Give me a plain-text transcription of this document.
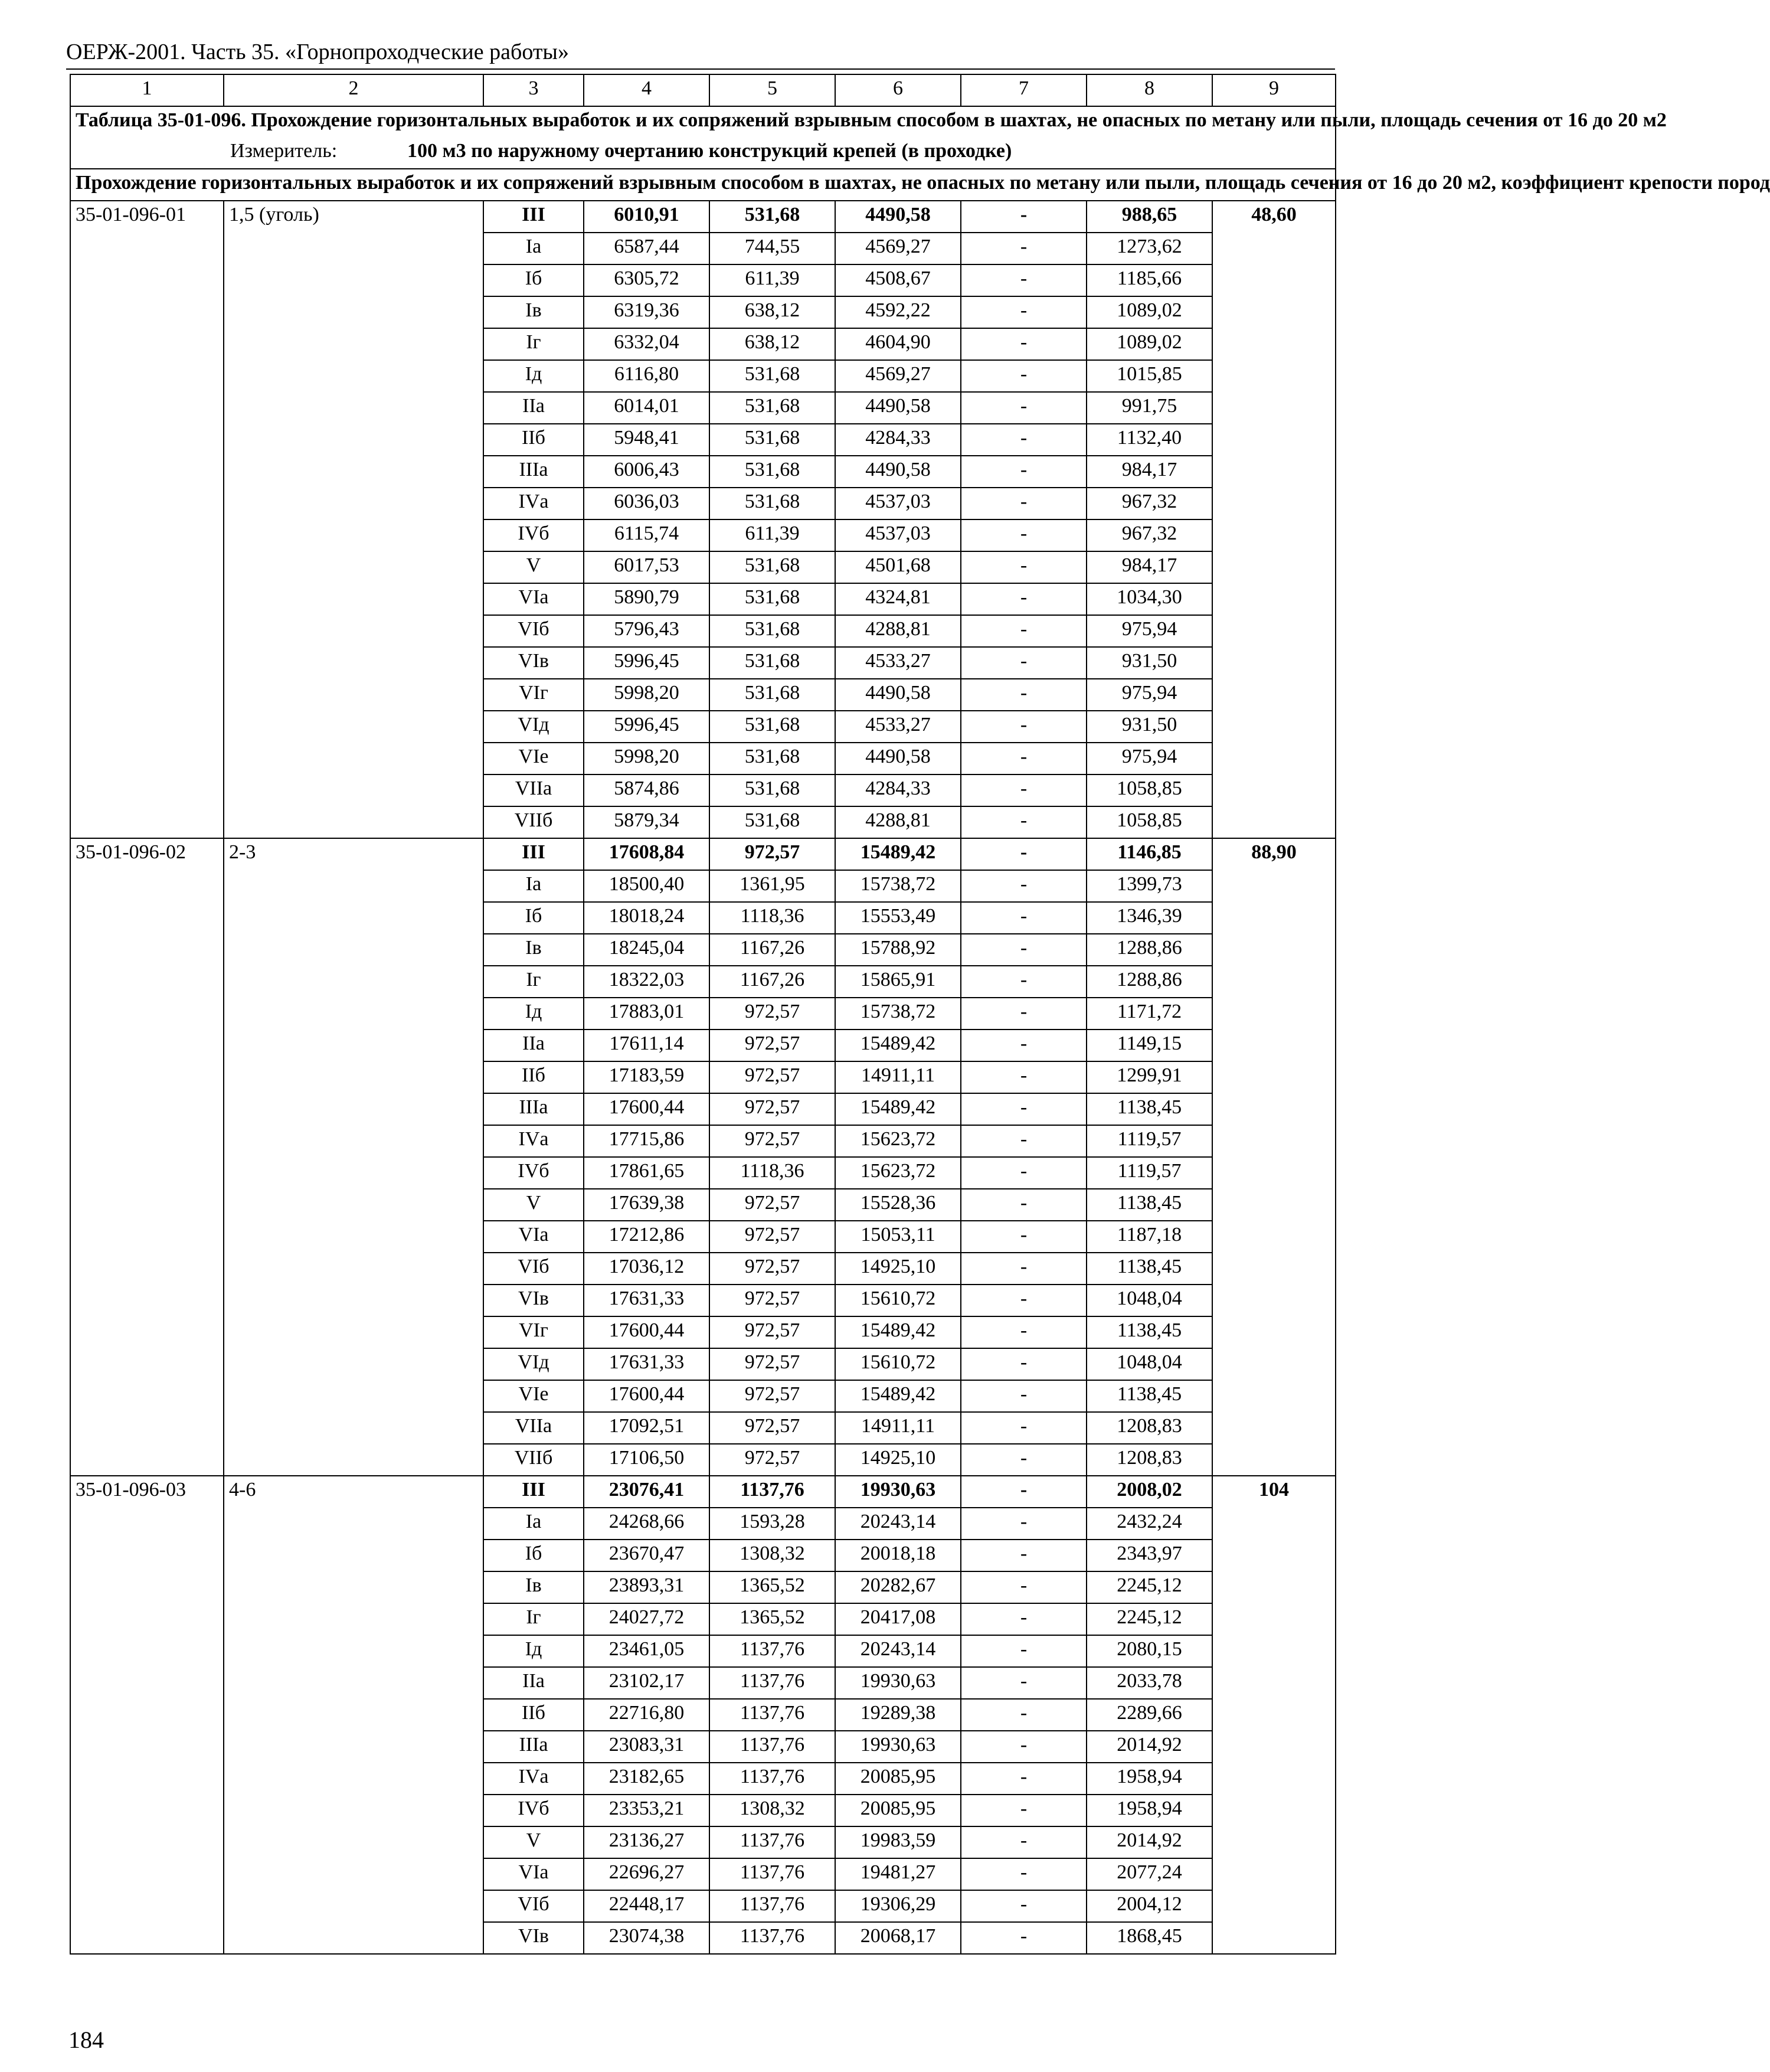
ОЕРЖ-2001. Часть 35. «Горнопроходческие работы»
1	2	3	4	5	6	7	8	9
Таблица 35-01-096. Прохождение горизонтальных выработок и их сопряжений взрывным способом в шахтах, не опасных по метану или пыли, площадь сечения от 16 до 20 м2								
Измеритель: 100 м3 по наружному очертанию конструкций крепей (в проходке)								
Прохождение горизонтальных выработок и их сопряжений взрывным способом в шахтах, не опасных по метану или пыли, площадь сечения от 16 до 20 м2, коэффициент крепости пород								
35-01-096-01	1,5 (уголь)	III	6010,91	531,68	4490,58	-	988,65	48,60
		Iа	6587,44	744,55	4569,27	-	1273,62	
		Iб	6305,72	611,39	4508,67	-	1185,66	
		Iв	6319,36	638,12	4592,22	-	1089,02	
		Iг	6332,04	638,12	4604,90	-	1089,02	
		Iд	6116,80	531,68	4569,27	-	1015,85	
		IIа	6014,01	531,68	4490,58	-	991,75	
		IIб	5948,41	531,68	4284,33	-	1132,40	
		IIIа	6006,43	531,68	4490,58	-	984,17	
		IVа	6036,03	531,68	4537,03	-	967,32	
		IVб	6115,74	611,39	4537,03	-	967,32	
		V	6017,53	531,68	4501,68	-	984,17	
		VIа	5890,79	531,68	4324,81	-	1034,30	
		VIб	5796,43	531,68	4288,81	-	975,94	
		VIв	5996,45	531,68	4533,27	-	931,50	
		VIг	5998,20	531,68	4490,58	-	975,94	
		VIд	5996,45	531,68	4533,27	-	931,50	
		VIе	5998,20	531,68	4490,58	-	975,94	
		VIIа	5874,86	531,68	4284,33	-	1058,85	
		VIIб	5879,34	531,68	4288,81	-	1058,85	
35-01-096-02	2-3	III	17608,84	972,57	15489,42	-	1146,85	88,90
		Iа	18500,40	1361,95	15738,72	-	1399,73	
		Iб	18018,24	1118,36	15553,49	-	1346,39	
		Iв	18245,04	1167,26	15788,92	-	1288,86	
		Iг	18322,03	1167,26	15865,91	-	1288,86	
		Iд	17883,01	972,57	15738,72	-	1171,72	
		IIа	17611,14	972,57	15489,42	-	1149,15	
		IIб	17183,59	972,57	14911,11	-	1299,91	
		IIIа	17600,44	972,57	15489,42	-	1138,45	
		IVа	17715,86	972,57	15623,72	-	1119,57	
		IVб	17861,65	1118,36	15623,72	-	1119,57	
		V	17639,38	972,57	15528,36	-	1138,45	
		VIа	17212,86	972,57	15053,11	-	1187,18	
		VIб	17036,12	972,57	14925,10	-	1138,45	
		VIв	17631,33	972,57	15610,72	-	1048,04	
		VIг	17600,44	972,57	15489,42	-	1138,45	
		VIд	17631,33	972,57	15610,72	-	1048,04	
		VIе	17600,44	972,57	15489,42	-	1138,45	
		VIIа	17092,51	972,57	14911,11	-	1208,83	
		VIIб	17106,50	972,57	14925,10	-	1208,83	
35-01-096-03	4-6	III	23076,41	1137,76	19930,63	-	2008,02	104
		Iа	24268,66	1593,28	20243,14	-	2432,24	
		Iб	23670,47	1308,32	20018,18	-	2343,97	
		Iв	23893,31	1365,52	20282,67	-	2245,12	
		Iг	24027,72	1365,52	20417,08	-	2245,12	
		Iд	23461,05	1137,76	20243,14	-	2080,15	
		IIа	23102,17	1137,76	19930,63	-	2033,78	
		IIб	22716,80	1137,76	19289,38	-	2289,66	
		IIIа	23083,31	1137,76	19930,63	-	2014,92	
		IVа	23182,65	1137,76	20085,95	-	1958,94	
		IVб	23353,21	1308,32	20085,95	-	1958,94	
		V	23136,27	1137,76	19983,59	-	2014,92	
		VIа	22696,27	1137,76	19481,27	-	2077,24	
		VIб	22448,17	1137,76	19306,29	-	2004,12	
		VIв	23074,38	1137,76	20068,17	-	1868,45	
184
